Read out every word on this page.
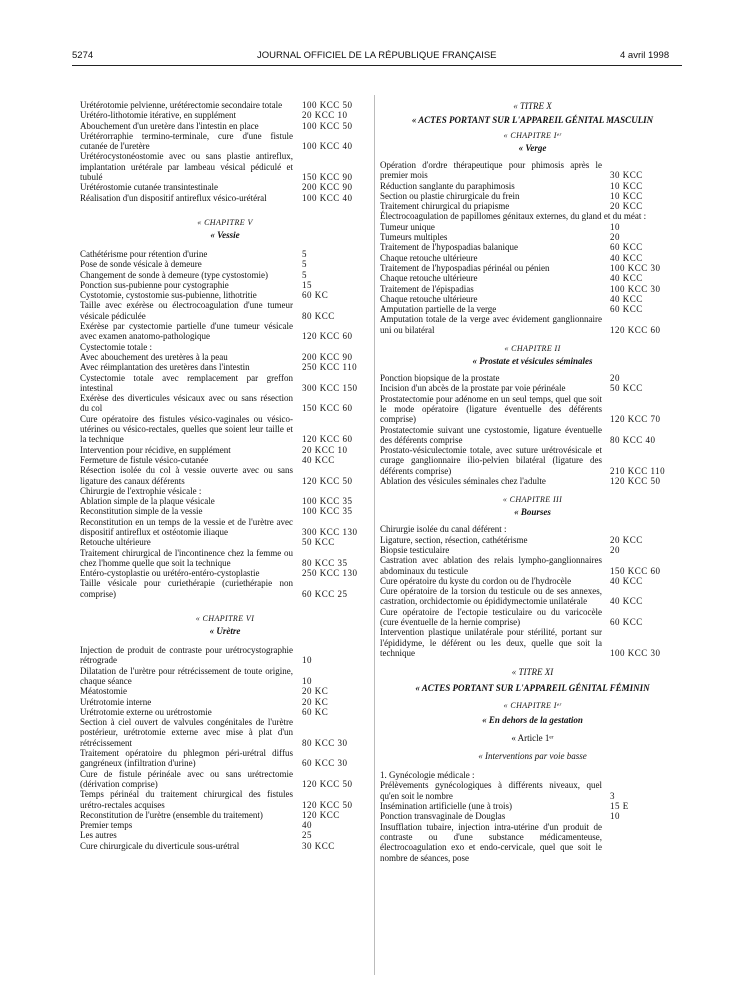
5274	JOURNAL OFFICIEL DE LA RÉPUBLIQUE FRANÇAISE	4 avril 1998
Urétérotomie pelvienne, urétérectomie secondaire totale	100 KCC 50
Urétéro-lithotomie itérative, en supplément	20 KCC 10
Abouchement d'un uretère dans l'intestin en place	100 KCC 50
Urétérorraphie termino-terminale, cure d'une fistule cutanée de l'uretère	100 KCC 40
Urétérocystonéostomie avec ou sans plastie antireflux, implantation urétérale par lambeau vésical pédiculé et tubulé	150 KCC 90
Urétérostomie cutanée transintestinale	200 KCC 90
Réalisation d'un dispositif antireflux vésico-urétéral	100 KCC 40

« CHAPITRE V

« Vessie

Cathétérisme pour rétention d'urine	5
Pose de sonde vésicale à demeure	5
Changement de sonde à demeure (type cystostomie)	5
Ponction sus-pubienne pour cystographie	15
Cystotomie, cystostomie sus-pubienne, lithotritie	60 KC
Taille avec exérèse ou électrocoagulation d'une tumeur vésicale pédiculée	80 KCC
Exérèse par cystectomie partielle d'une tumeur vésicale avec examen anatomo-pathologique	120 KCC 60
Cystectomie totale :
Avec abouchement des uretères à la peau	200 KCC 90
Avec réimplantation des uretères dans l'intestin	250 KCC 110
Cystectomie totale avec remplacement par greffon intestinal	300 KCC 150
Exérèse des diverticules vésicaux avec ou sans résection du col	150 KCC 60
Cure opératoire des fistules vésico-vaginales ou vésico-utérines ou vésico-rectales, quelles que soient leur taille et la technique	120 KCC 60
Intervention pour récidive, en supplément	20 KCC 10
Fermeture de fistule vésico-cutanée	40 KCC
Résection isolée du col à vessie ouverte avec ou sans ligature des canaux déférents	120 KCC 50
Chirurgie de l'extrophie vésicale :
Ablation simple de la plaque vésicale	100 KCC 35
Reconstitution simple de la vessie	100 KCC 35
Reconstitution en un temps de la vessie et de l'urètre avec dispositif antireflux et ostéotomie iliaque	300 KCC 130
Retouche ultérieure	50 KCC
Traitement chirurgical de l'incontinence chez la femme ou chez l'homme quelle que soit la technique	80 KCC 35
Entéro-cystoplastie ou urétéro-entéro-cystoplastie	250 KCC 130
Taille vésicale pour curiethérapie (curiethérapie non comprise)	60 KCC 25

« CHAPITRE VI

« Urètre

Injection de produit de contraste pour urétrocystographie rétrograde	10
Dilatation de l'urètre pour rétrécissement de toute origine, chaque séance	10
Méatostomie	20 KC
Urétrotomie interne	20 KC
Urétrotomie externe ou urétrostomie	60 KC
Section à ciel ouvert de valvules congénitales de l'urètre postérieur, urétrotomie externe avec mise à plat d'un rétrécissement	80 KCC 30
Traitement opératoire du phlegmon péri-urétral diffus gangréneux (infiltration d'urine)	60 KCC 30
Cure de fistule périnéale avec ou sans urétrectomie (dérivation comprise)	120 KCC 50
Temps périnéal du traitement chirurgical des fistules urétro-rectales acquises	120 KCC 50
Reconstitution de l'urètre (ensemble du traitement)	120 KCC
Premier temps	40
Les autres	25
Cure chirurgicale du diverticule sous-urétral	30 KCC

« TITRE X

« ACTES PORTANT SUR L'APPAREIL GÉNITAL MASCULIN

« CHAPITRE Iᵉʳ

« Verge

Opération d'ordre thérapeutique pour phimosis après le premier mois	30 KCC
Réduction sanglante du paraphimosis	10 KCC
Section ou plastie chirurgicale du frein	10 KCC
Traitement chirurgical du priapisme	20 KCC
Électrocoagulation de papillomes génitaux externes, du gland et du méat :
Tumeur unique	10
Tumeurs multiples	20
Traitement de l'hypospadias balanique	60 KCC
Chaque retouche ultérieure	40 KCC
Traitement de l'hypospadias périnéal ou pénien	100 KCC 30
Chaque retouche ultérieure	40 KCC
Traitement de l'épispadias	100 KCC 30
Chaque retouche ultérieure	40 KCC
Amputation partielle de la verge	60 KCC
Amputation totale de la verge avec évidement ganglionnaire uni ou bilatéral	120 KCC 60

« CHAPITRE II

« Prostate et vésicules séminales

Ponction biopsique de la prostate	20
Incision d'un abcès de la prostate par voie périnéale	50 KCC
Prostatectomie pour adénome en un seul temps, quel que soit le mode opératoire (ligature éventuelle des déférents comprise)	120 KCC 70
Prostatectomie suivant une cystostomie, ligature éventuelle des déférents comprise	80 KCC 40
Prostato-vésiculectomie totale, avec suture urétrovésicale et curage ganglionnaire ilio-pelvien bilatéral (ligature des déférents comprise)	210 KCC 110
Ablation des vésicules séminales chez l'adulte	120 KCC 50

« CHAPITRE III

« Bourses

Chirurgie isolée du canal déférent :
Ligature, section, résection, cathétérisme	20 KCC
Biopsie testiculaire	20
Castration avec ablation des relais lympho-ganglionnaires abdominaux du testicule	150 KCC 60
Cure opératoire du kyste du cordon ou de l'hydrocèle	40 KCC
Cure opératoire de la torsion du testicule ou de ses annexes, castration, orchidectomie ou épididymectomie unilatérale	40 KCC
Cure opératoire de l'ectopie testiculaire ou du varicocèle (cure éventuelle de la hernie comprise)	60 KCC
Intervention plastique unilatérale pour stérilité, portant sur l'épididyme, le déférent ou les deux, quelle que soit la technique	100 KCC 30

« TITRE XI

« ACTES PORTANT SUR L'APPAREIL GÉNITAL FÉMININ

« CHAPITRE Iᵉʳ

« En dehors de la gestation

« Article 1ᵉʳ

« Interventions par voie basse

1. Gynécologie médicale :
Prélèvements gynécologiques à différents niveaux, quel qu'en soit le nombre	3
Insémination artificielle (une à trois)	15 E
Ponction transvaginale de Douglas	10
Insufflation tubaire, injection intra-utérine d'un produit de contraste ou d'une substance médicamenteuse, électrocoagulation exo et endo-cervicale, quel que soit le nombre de séances, pose
